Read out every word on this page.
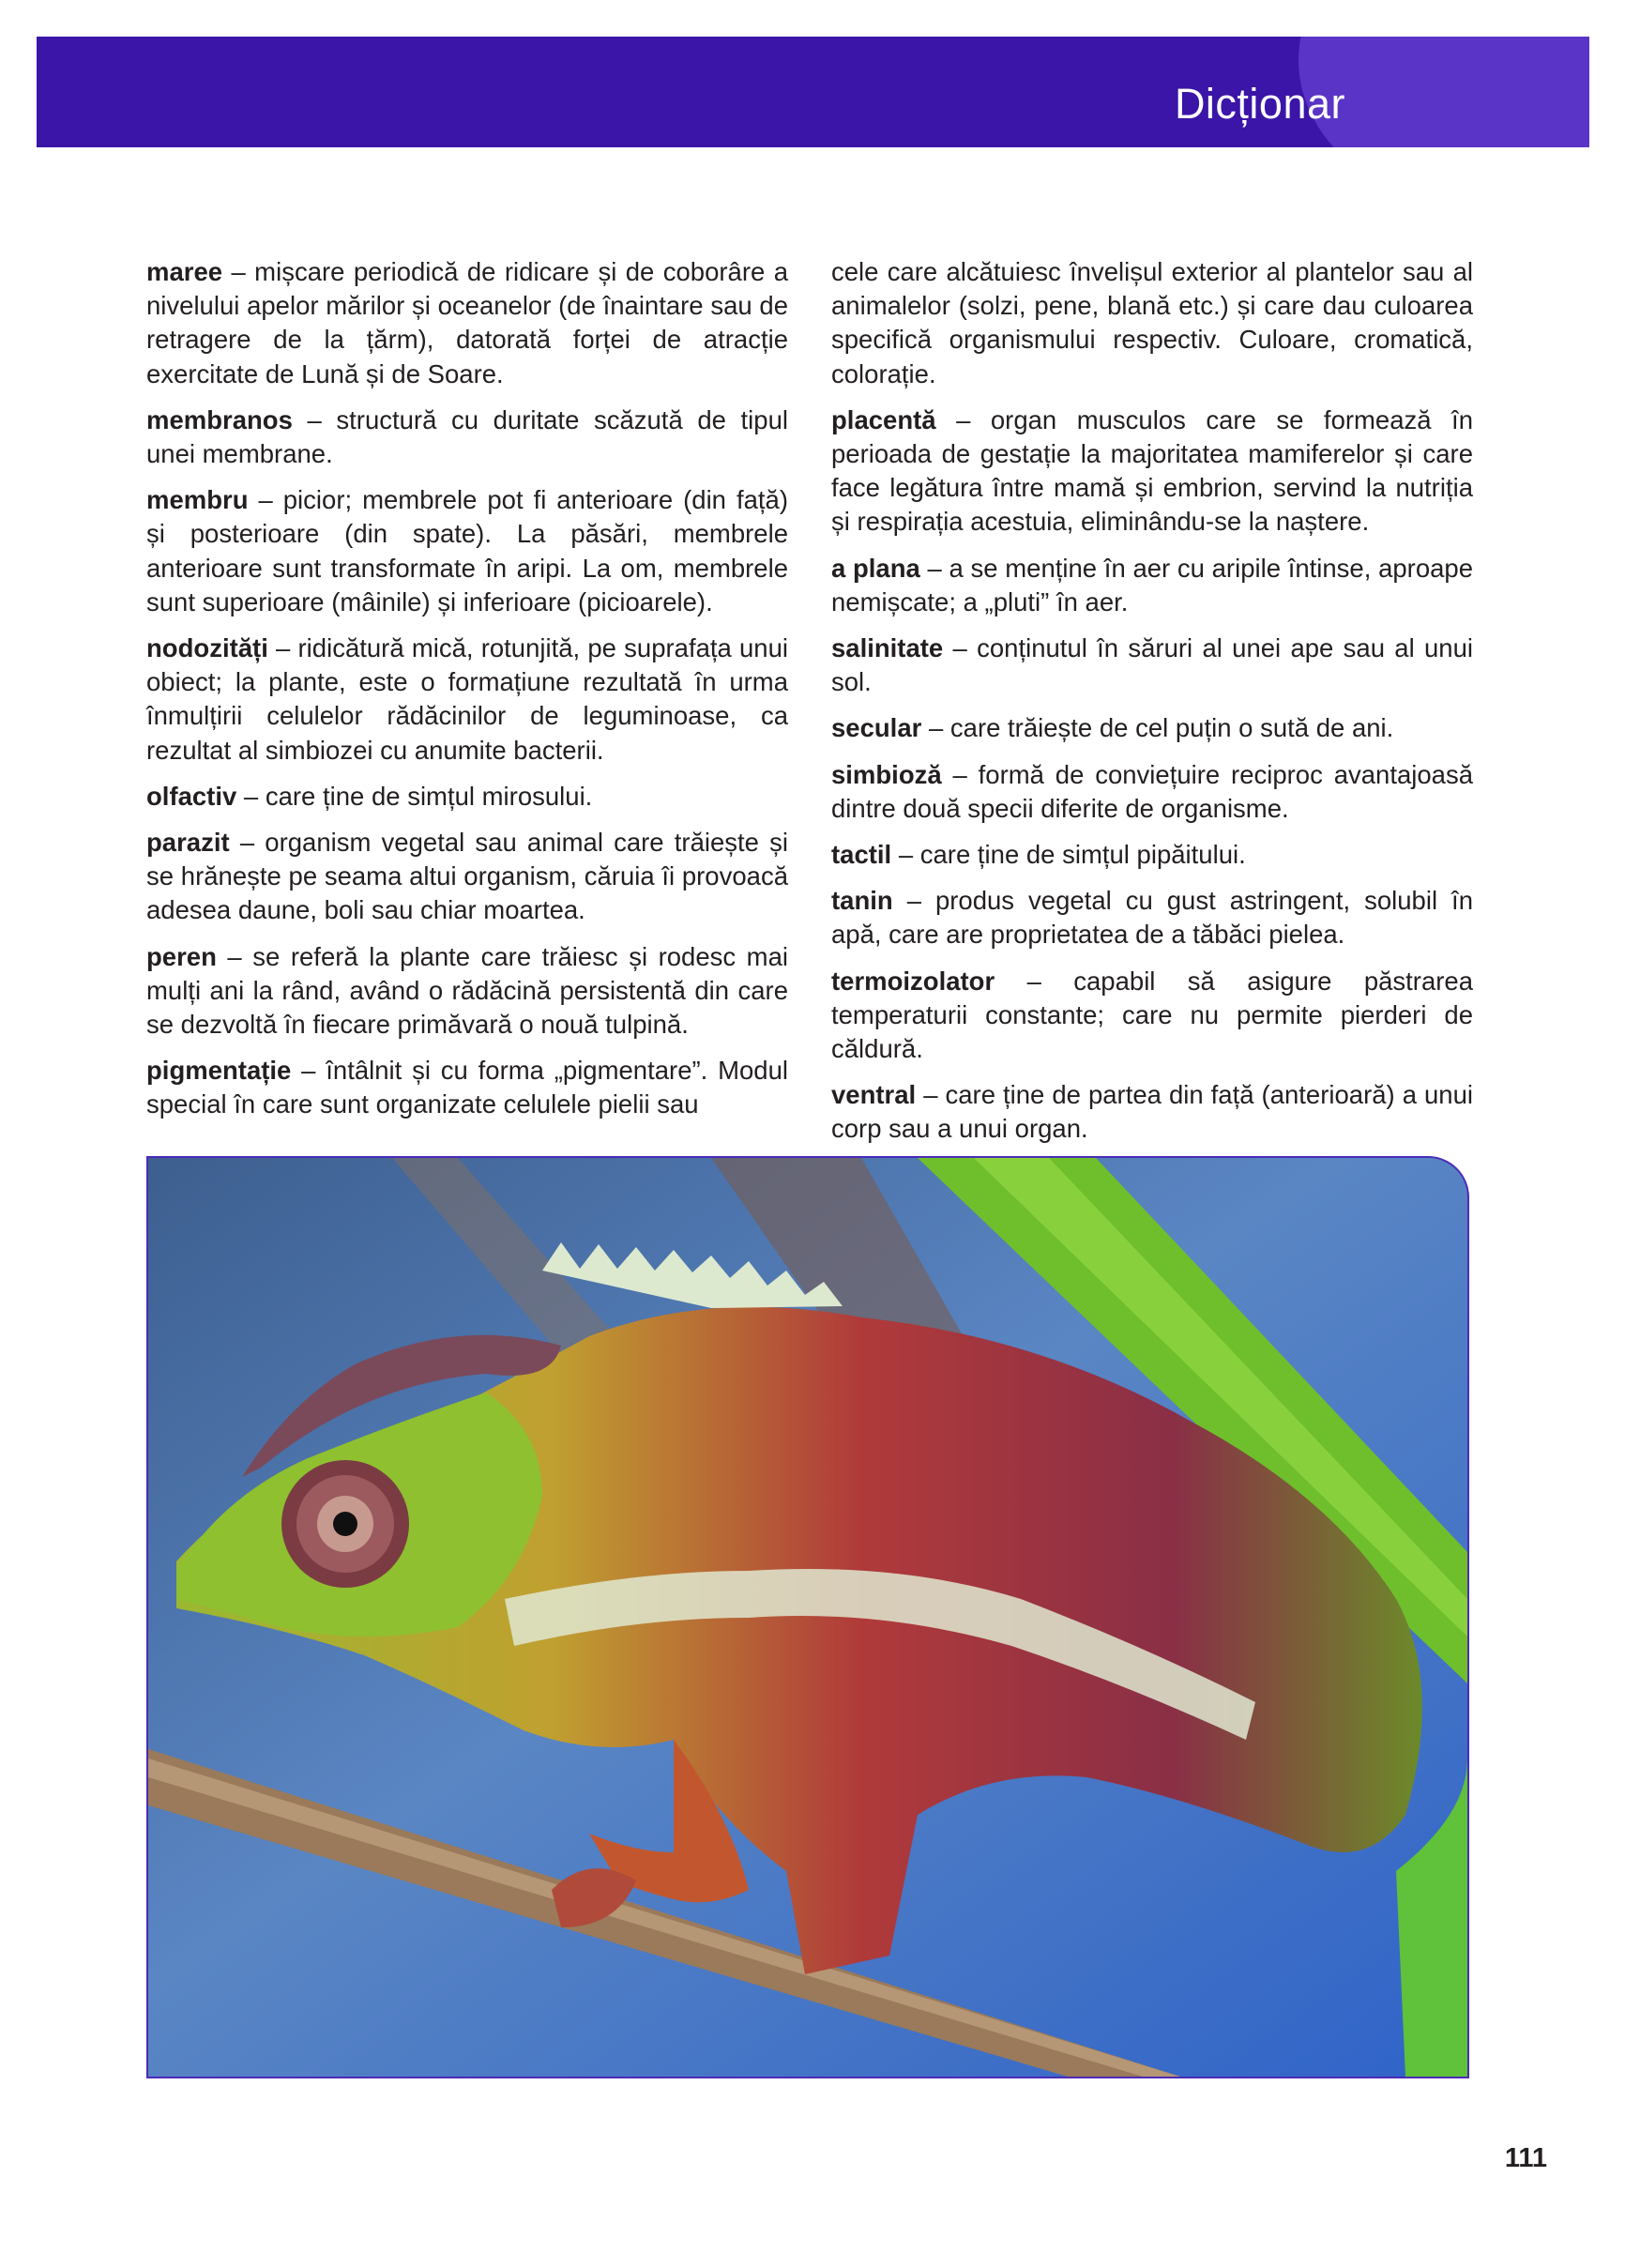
Dicționar

maree – mișcare periodică de ridicare și de coborâre a nivelului apelor mărilor și oceanelor (de înaintare sau de retragere de la țărm), datorată forței de atracție exercitate de Lună și de Soare.

membranos – structură cu duritate scăzută de tipul unei membrane.

membru – picior; membrele pot fi anterioare (din față) și posterioare (din spate). La păsări, membrele anterioare sunt transformate în aripi. La om, membrele sunt superioare (mâinile) și inferioare (picioarele).

nodozități – ridicătură mică, rotunjită, pe suprafața unui obiect; la plante, este o formațiune rezultată în urma înmulțirii celulelor rădăcinilor de leguminoase, ca rezultat al simbiozei cu anumite bacterii.

olfactiv – care ține de simțul mirosului.

parazit – organism vegetal sau animal care trăiește și se hrănește pe seama altui organism, căruia îi provoacă adesea daune, boli sau chiar moartea.

peren – se referă la plante care trăiesc și rodesc mai mulți ani la rând, având o rădăcină persistentă din care se dezvoltă în fiecare primăvară o nouă tulpină.

pigmentație – întâlnit și cu forma „pigmentare”. Modul special în care sunt organizate celulele pielii sau

cele care alcătuiesc învelișul exterior al plantelor sau al animalelor (solzi, pene, blană etc.) și care dau culoarea specifică organismului respectiv. Culoare, cromatică, colorație.

placentă – organ musculos care se formează în perioada de gestație la majoritatea mamiferelor și care face legătura între mamă și embrion, servind la nutriția și respirația acestuia, eliminându-se la naștere.

a plana – a se menține în aer cu aripile întinse, aproape nemișcate; a „pluti” în aer.

salinitate – conținutul în săruri al unei ape sau al unui sol.

secular – care trăiește de cel puțin o sută de ani.

simbioză – formă de conviețuire reciproc avantajoasă dintre două specii diferite de organisme.

tactil – care ține de simțul pipăitului.

tanin – produs vegetal cu gust astringent, solubil în apă, care are proprietatea de a tăbăci pielea.

termoizolator – capabil să asigure păstrarea temperaturii constante; care nu permite pierderi de căldură.

ventral – care ține de partea din față (anterioară) a unui corp sau a unui organ.

111
